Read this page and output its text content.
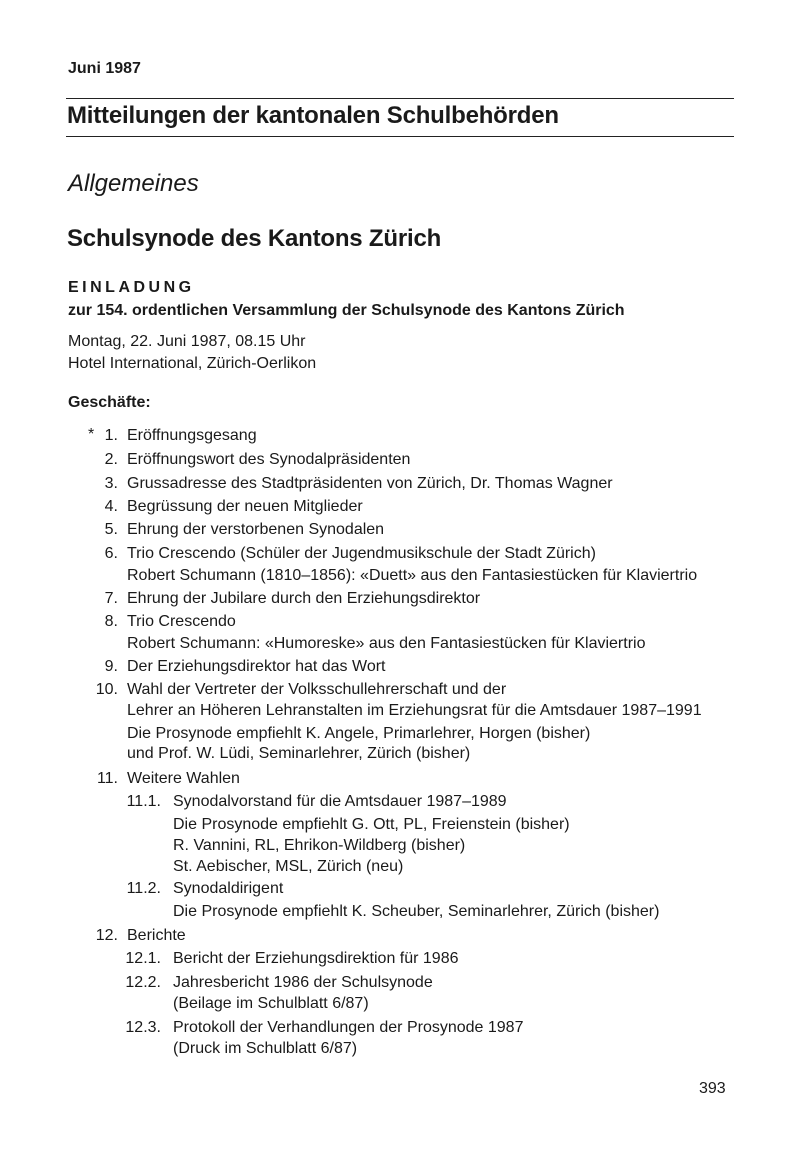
Juni 1987
Mitteilungen der kantonalen Schulbehörden
Allgemeines
Schulsynode des Kantons Zürich
EINLADUNG
zur 154. ordentlichen Versammlung der Schulsynode des Kantons Zürich
Montag, 22. Juni 1987, 08.15 Uhr
Hotel International, Zürich-Oerlikon
Geschäfte:
* 1. Eröffnungsgesang
2. Eröffnungswort des Synodalpräsidenten
3. Grussadresse des Stadtpräsidenten von Zürich, Dr. Thomas Wagner
4. Begrüssung der neuen Mitglieder
5. Ehrung der verstorbenen Synodalen
6. Trio Crescendo (Schüler der Jugendmusikschule der Stadt Zürich)
Robert Schumann (1810–1856): «Duett» aus den Fantasiestücken für Klaviertrio
7. Ehrung der Jubilare durch den Erziehungsdirektor
8. Trio Crescendo
Robert Schumann: «Humoreske» aus den Fantasiestücken für Klaviertrio
9. Der Erziehungsdirektor hat das Wort
10. Wahl der Vertreter der Volksschullehrerschaft und der
Lehrer an Höheren Lehranstalten im Erziehungsrat für die Amtsdauer 1987–1991
Die Prosynode empfiehlt K. Angele, Primarlehrer, Horgen (bisher)
und Prof. W. Lüdi, Seminarlehrer, Zürich (bisher)
11. Weitere Wahlen
11.1. Synodalvorstand für die Amtsdauer 1987–1989
Die Prosynode empfiehlt G. Ott, PL, Freienstein (bisher)
R. Vannini, RL, Ehrikon-Wildberg (bisher)
St. Aebischer, MSL, Zürich (neu)
11.2. Synodaldirigent
Die Prosynode empfiehlt K. Scheuber, Seminarlehrer, Zürich (bisher)
12. Berichte
12.1. Bericht der Erziehungsdirektion für 1986
12.2. Jahresbericht 1986 der Schulsynode
(Beilage im Schulblatt 6/87)
12.3. Protokoll der Verhandlungen der Prosynode 1987
(Druck im Schulblatt 6/87)
393
